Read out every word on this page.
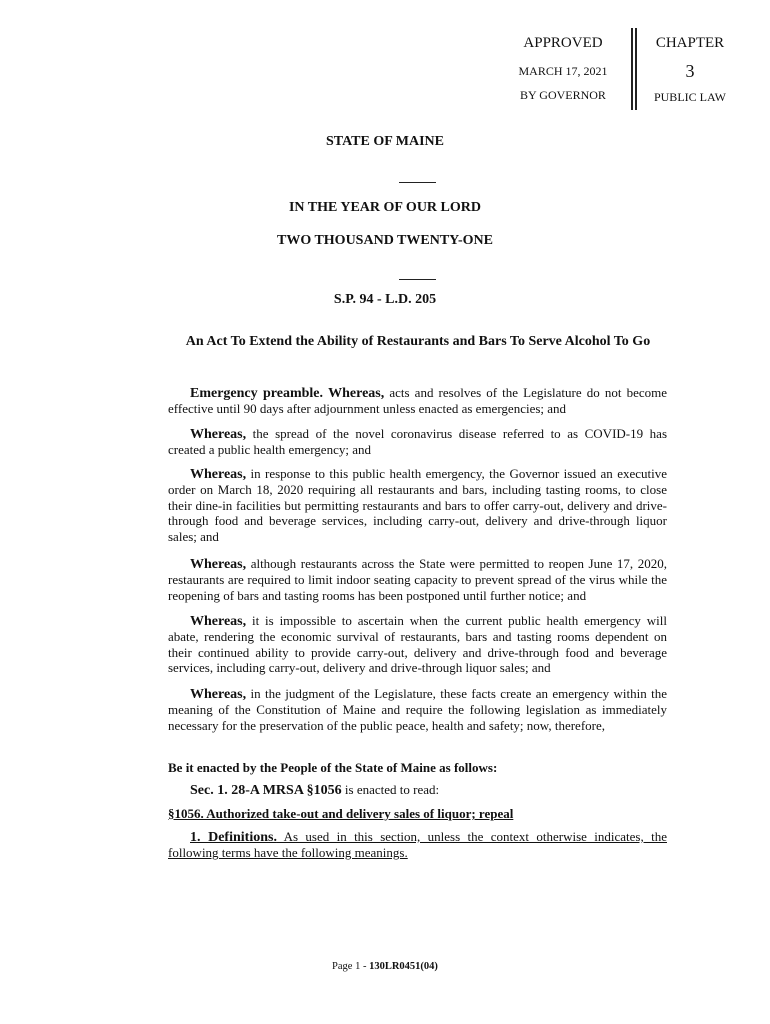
APPROVED
MARCH 17, 2021
BY GOVERNOR
CHAPTER
3
PUBLIC LAW
STATE OF MAINE
IN THE YEAR OF OUR LORD
TWO THOUSAND TWENTY-ONE
S.P. 94 - L.D. 205
An Act To Extend the Ability of Restaurants and Bars To Serve Alcohol To Go

Emergency preamble. Whereas, acts and resolves of the Legislature do not become effective until 90 days after adjournment unless enacted as emergencies; and

Whereas, the spread of the novel coronavirus disease referred to as COVID-19 has created a public health emergency; and

Whereas, in response to this public health emergency, the Governor issued an executive order on March 18, 2020 requiring all restaurants and bars, including tasting rooms, to close their dine-in facilities but permitting restaurants and bars to offer carry-out, delivery and drive-through food and beverage services, including carry-out, delivery and drive-through liquor sales; and

Whereas, although restaurants across the State were permitted to reopen June 17, 2020, restaurants are required to limit indoor seating capacity to prevent spread of the virus while the reopening of bars and tasting rooms has been postponed until further notice; and

Whereas, it is impossible to ascertain when the current public health emergency will abate, rendering the economic survival of restaurants, bars and tasting rooms dependent on their continued ability to provide carry-out, delivery and drive-through food and beverage services, including carry-out, delivery and drive-through liquor sales; and

Whereas, in the judgment of the Legislature, these facts create an emergency within the meaning of the Constitution of Maine and require the following legislation as immediately necessary for the preservation of the public peace, health and safety; now, therefore,

Be it enacted by the People of the State of Maine as follows:

Sec. 1. 28-A MRSA §1056 is enacted to read:

§1056. Authorized take-out and delivery sales of liquor; repeal

1. Definitions. As used in this section, unless the context otherwise indicates, the following terms have the following meanings.

Page 1 - 130LR0451(04)
